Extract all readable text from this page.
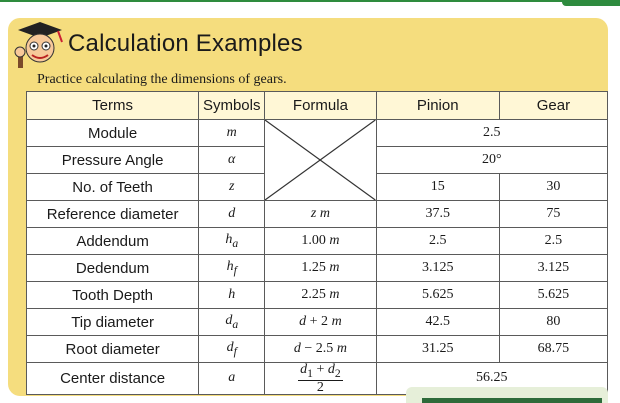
Calculation Examples
Practice calculating the dimensions of gears.
Terms	Symbols	Formula	Pinion	Gear
Module	m		2.5	
Pressure Angle	α		20°	
No. of Teeth	z		15	30
Reference diameter	d	z m	37.5	75
Addendum	$h_a$	1.00 m	2.5	2.5
Dedendum	$h_f$	1.25 m	3.125	3.125
Tooth Depth	h	2.25 m	5.625	5.625
Tip diameter	$d_a$	d + 2 m	42.5	80
Root diameter	$d_f$	d − 2.5 m	31.25	68.75
Center distance	a	$\frac{d_1 + d_2}{2}$	56.25	
